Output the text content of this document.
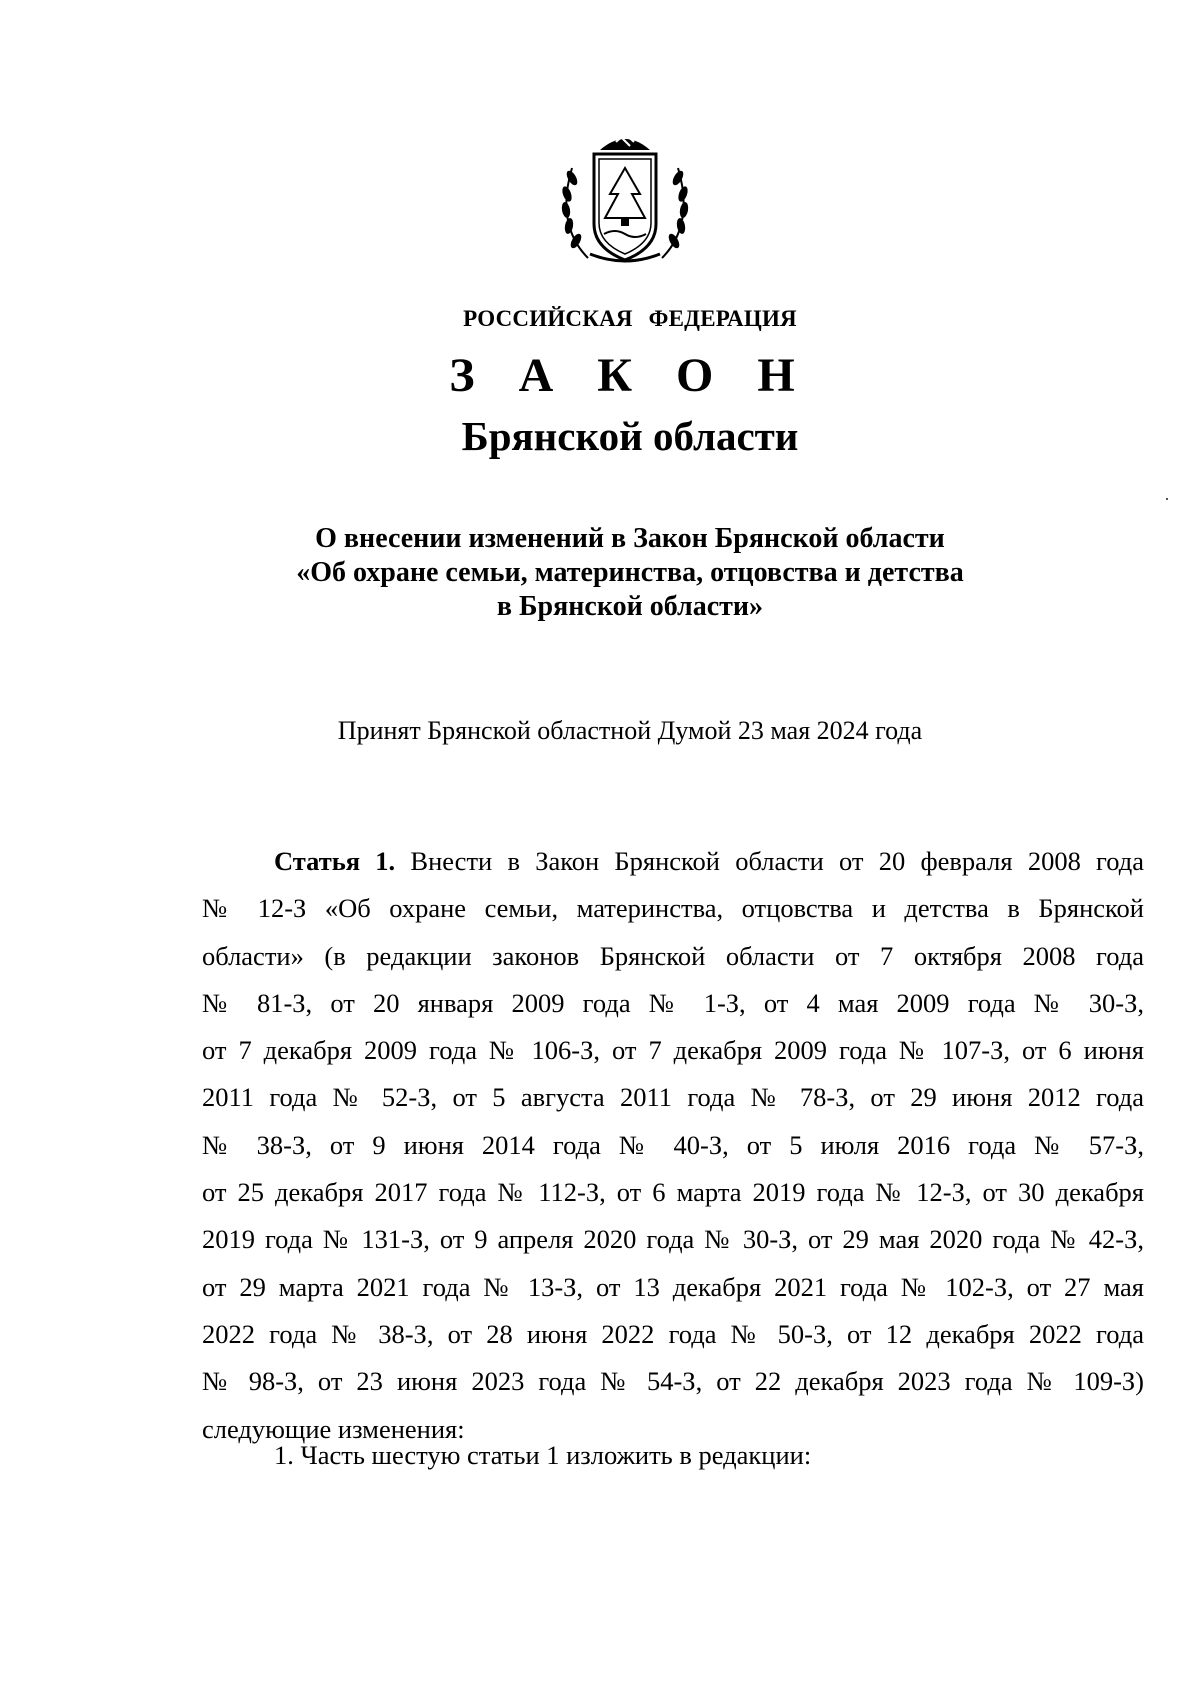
РОССИЙСКАЯ ФЕДЕРАЦИЯ
З А К О Н
Брянской области
О внесении изменений в Закон Брянской области
«Об охране семьи, материнства, отцовства и детства
в Брянской области»
Принят Брянской областной Думой 23 мая 2024 года
Статья 1. Внести в Закон Брянской области от 20 февраля 2008 года
№ 12-З «Об охране семьи, материнства, отцовства и детства в Брянской
области» (в редакции законов Брянской области от 7 октября 2008 года
№ 81-З, от 20 января 2009 года № 1-З, от 4 мая 2009 года № 30-З,
от 7 декабря 2009 года № 106-З, от 7 декабря 2009 года № 107-З, от 6 июня
2011 года № 52-З, от 5 августа 2011 года № 78-З, от 29 июня 2012 года
№ 38-З, от 9 июня 2014 года № 40-З, от 5 июля 2016 года № 57-З,
от 25 декабря 2017 года № 112-З, от 6 марта 2019 года № 12-З, от 30 декабря
2019 года № 131-З, от 9 апреля 2020 года № 30-З, от 29 мая 2020 года № 42-З,
от 29 марта 2021 года № 13-З, от 13 декабря 2021 года № 102-З, от 27 мая
2022 года № 38-З, от 28 июня 2022 года № 50-З, от 12 декабря 2022 года
№ 98-З, от 23 июня 2023 года № 54-З, от 22 декабря 2023 года № 109-З)
следующие изменения:
1. Часть шестую статьи 1 изложить в редакции:
